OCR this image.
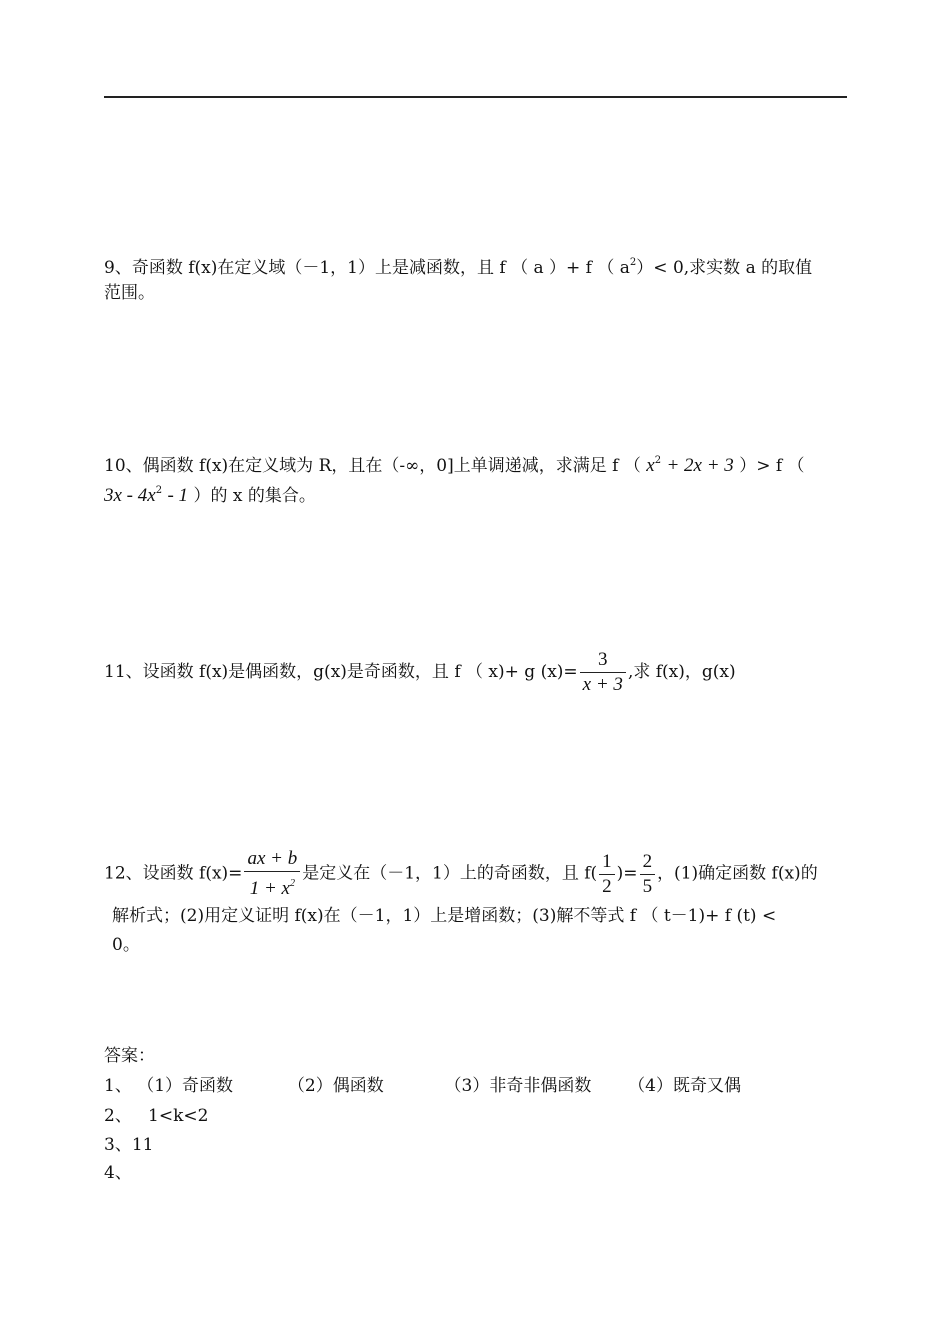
9、奇函数 f(x)在定义域（－1，1）上是减函数，且 f （ a ）+ f （ $a^2)< 0$,求实数 a 的取值
范围。
10、偶函数 f(x)在定义域为 R，且在（-∞，0]上单调递减，求满足 f （ $x^2 + 2x + 3$ ）> f （
$3x - 4x^2 - 1$ ）的 x 的集合。
11、设函数 f(x)是偶函数，g(x)是奇函数，且 f （ x)+ g $(x)= \frac{3}{x + 3}$ ,求 f(x)，g(x)
12、设函数 $f(x)= \frac{ax + b}{1 + x^2}$ 是定义在（－1，1）上的奇函数，且 $f( \frac{1}{2}$ )= $\frac{2}{5}$ ，(1)确定函数 f(x)的
解析式；(2)用定义证明 f(x)在（－1，1）上是增函数；(3)解不等式 f （ t－1)+ f (t) <
0。
答案：
1、 （1）奇函数	（2）偶函数	（3）非奇非偶函数 （4）既奇又偶
2、   1<k<2
3、11
4、
